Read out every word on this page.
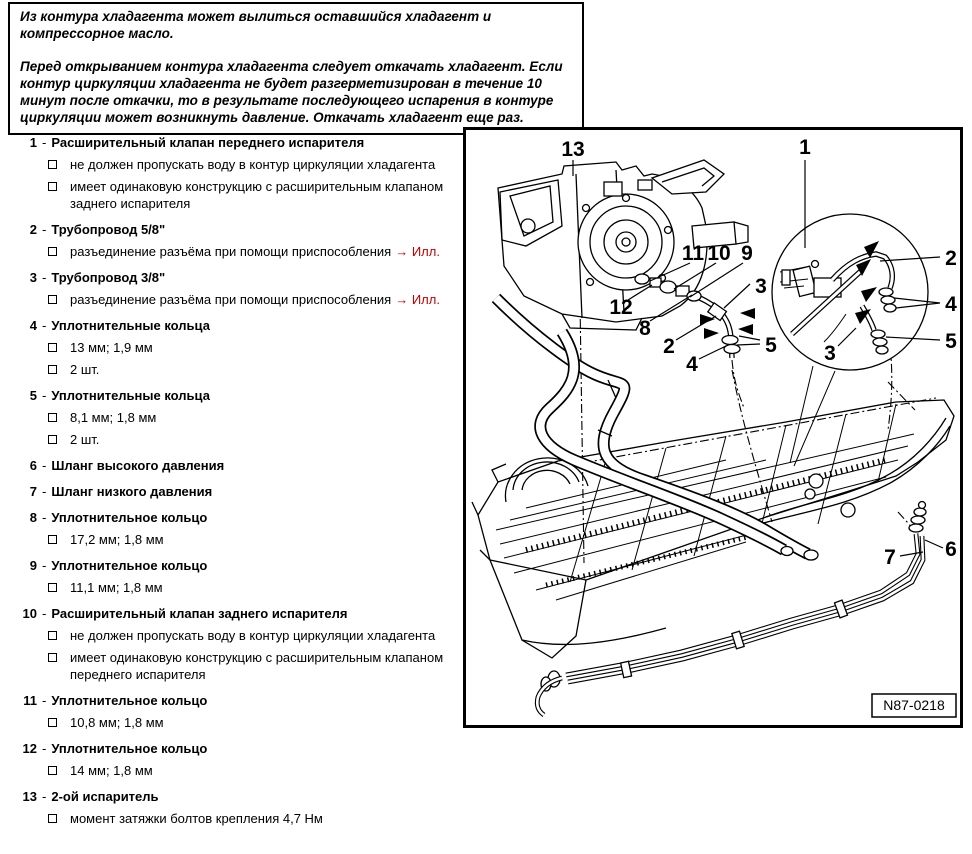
Из контура хладагента может вылиться оставшийся хладагент и компрессорное масло.

Перед открыванием контура хладагента следует откачать хладагент. Если контур циркуляции хладагента не будет разгерметизирован в течение 10 минут после откачки, то в результате последующего испарения в контуре циркуляции может возникнуть давление. Откачать хладагент еще раз.

1 - Расширительный клапан переднего испарителя
не должен пропускать воду в контур циркуляции хладагента
имеет одинаковую конструкцию с расширительным клапаном заднего испарителя
2 - Трубопровод 5/8"
разъединение разъёма при помощи приспособления → Илл.
3 - Трубопровод 3/8"
разъединение разъёма при помощи приспособления → Илл.
4 - Уплотнительные кольца
13 мм; 1,9 мм
2 шт.
5 - Уплотнительные кольца
8,1 мм; 1,8 мм
2 шт.
6 - Шланг высокого давления
7 - Шланг низкого давления
8 - Уплотнительное кольцо
17,2 мм; 1,8 мм
9 - Уплотнительное кольцо
11,1 мм; 1,8 мм
10 - Расширительный клапан заднего испарителя
не должен пропускать воду в контур циркуляции хладагента
имеет одинаковую конструкцию с расширительным клапаном переднего испарителя
11 - Уплотнительное кольцо
10,8 мм; 1,8 мм
12 - Уплотнительное кольцо
14 мм; 1,8 мм
13 - 2-ой испаритель
момент затяжки болтов крепления 4,7 Нм
13
11 10 9
12
8
2
4
3
5
1
2
4
5
3
7 6
N87-0218
